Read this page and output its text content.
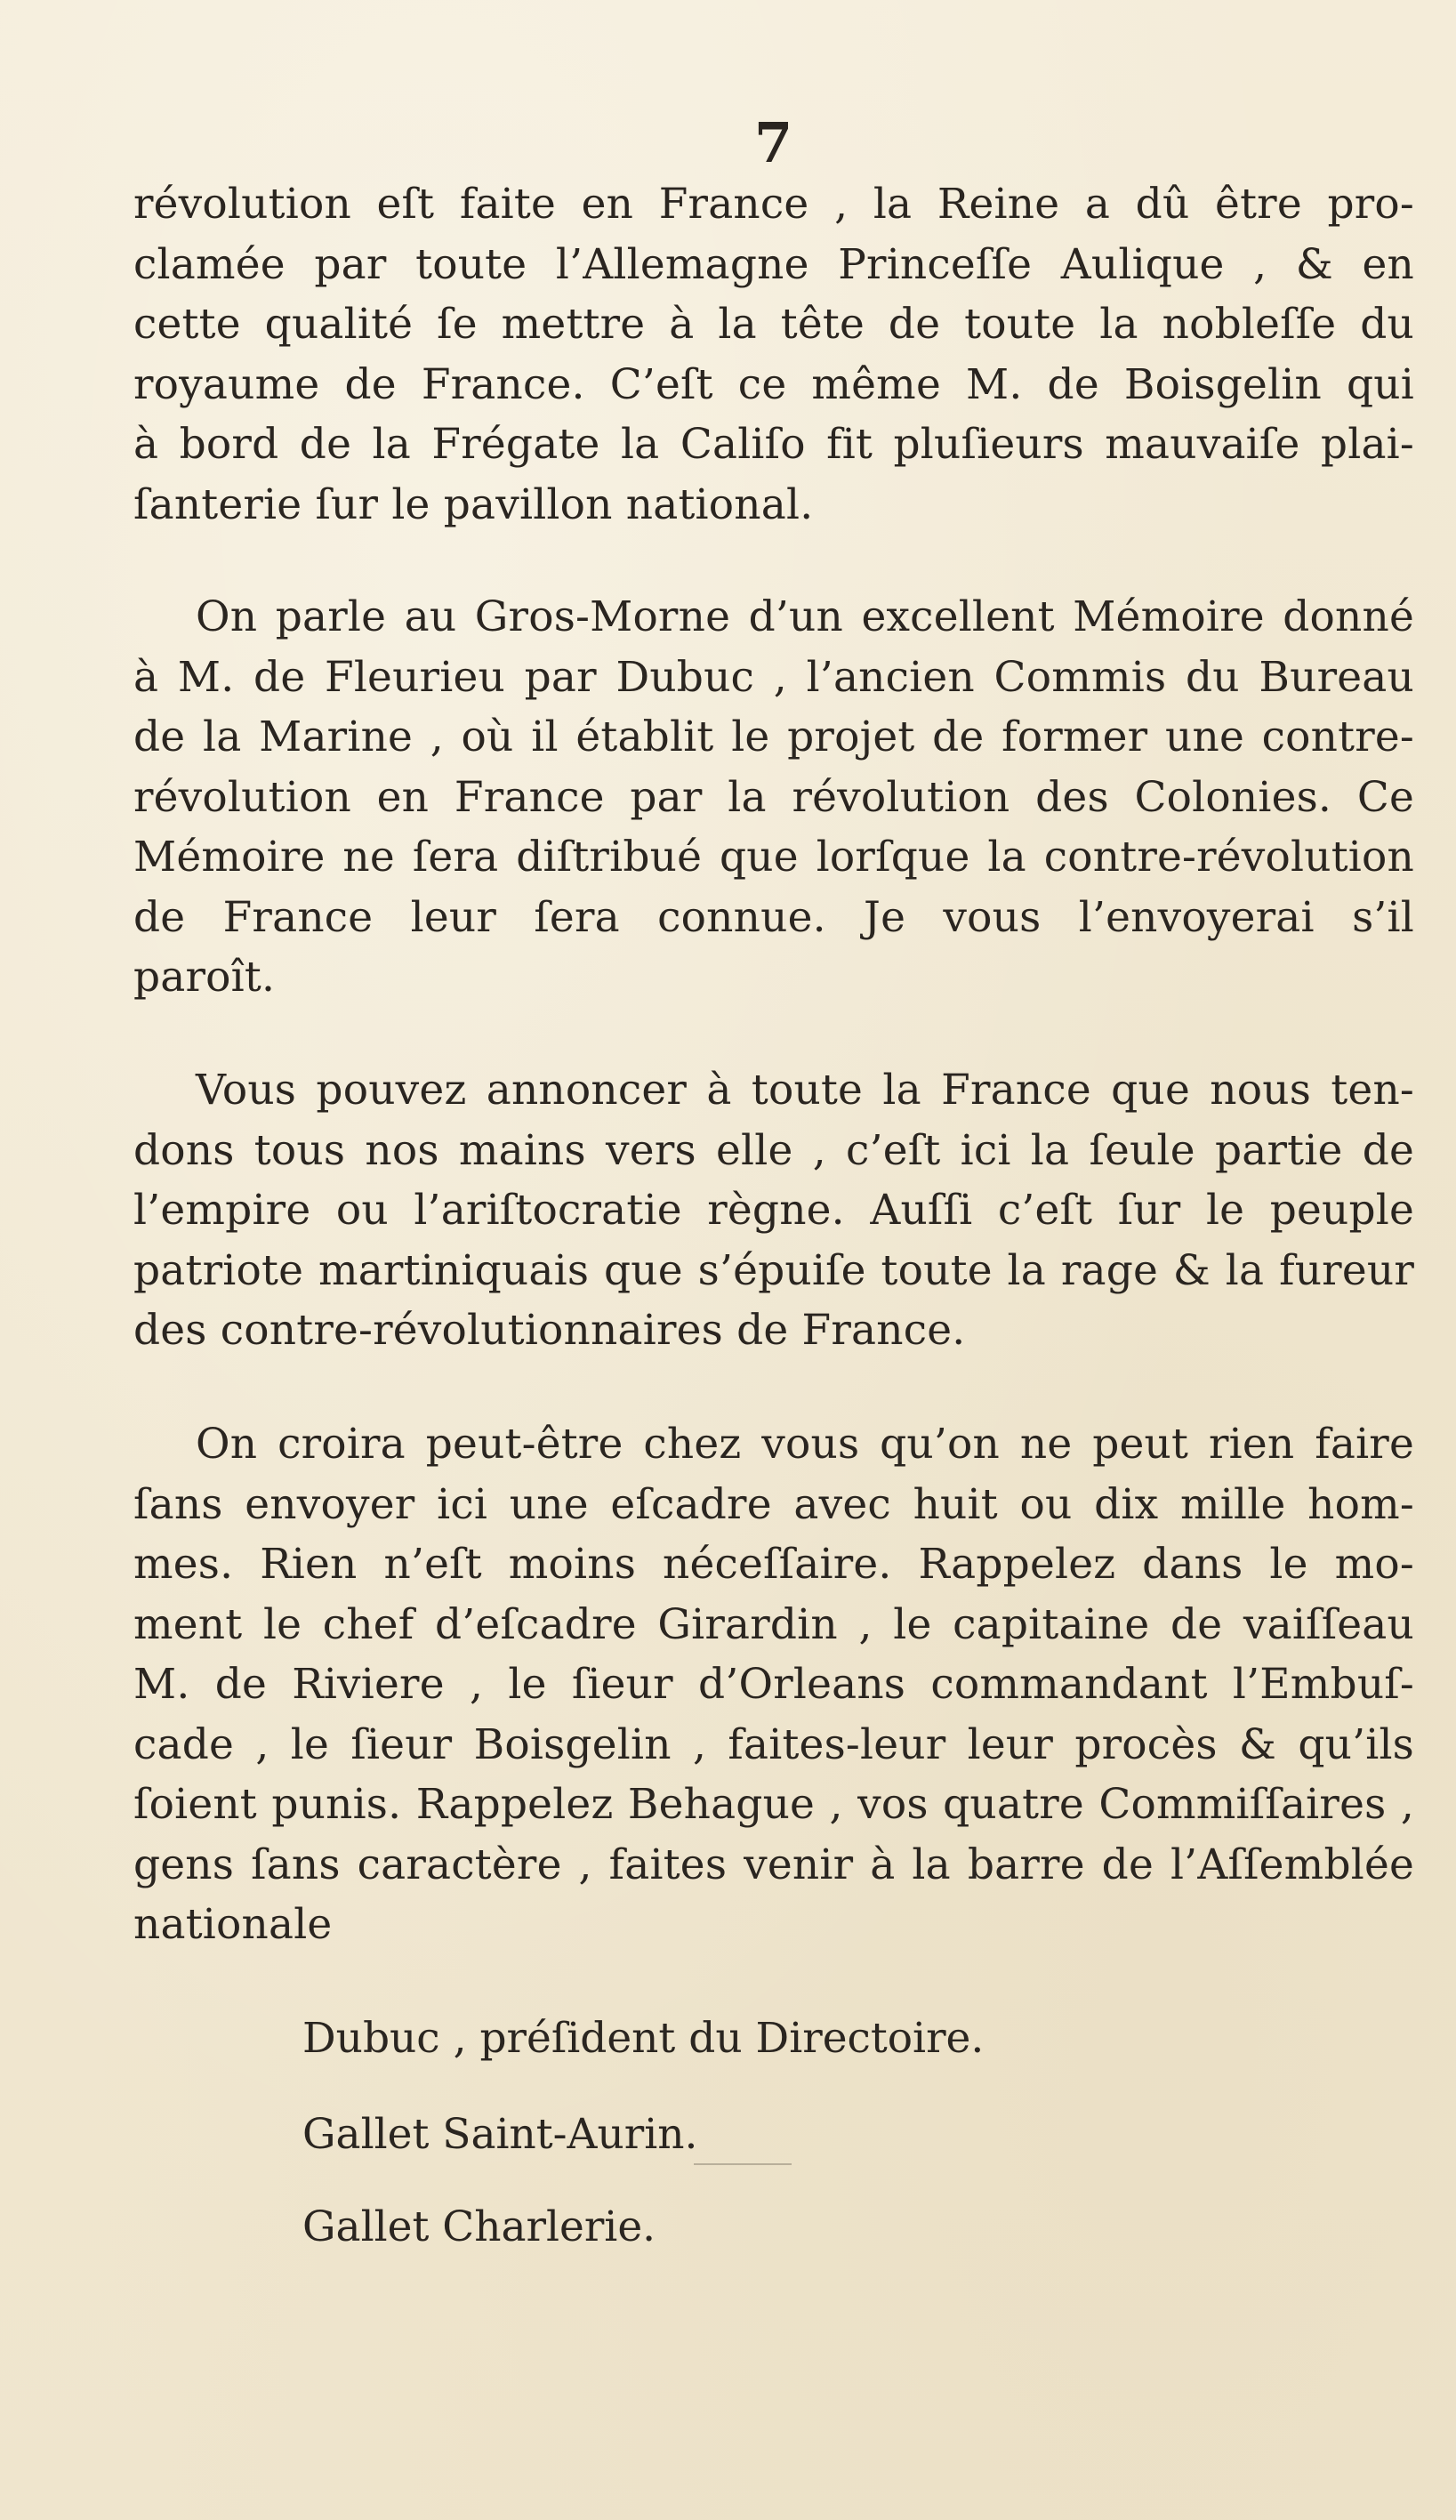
7
révolution eſt faite en France , la Reine a dû être pro-
clamée par toute l’Allemagne Princeſſe Aulique , & en
cette qualité ſe mettre à la tête de toute la nobleſſe du
royaume de France. C’eſt ce même M. de Boisgelin qui
à bord de la Frégate la Caliſo fit pluſieurs mauvaiſe plai-
ſanterie ſur le pavillon national.
On parle au Gros-Morne d’un excellent Mémoire donné
à M. de Fleurieu par Dubuc , l’ancien Commis du Bureau
de la Marine , où il établit le projet de former une contre-
révolution en France par la révolution des Colonies. Ce
Mémoire ne ſera diſtribué que lorſque la contre-révolution
de France leur ſera connue. Je vous l’envoyerai s’il
paroît.
Vous pouvez annoncer à toute la France que nous ten-
dons tous nos mains vers elle , c’eſt ici la ſeule partie de
l’empire ou l’ariſtocratie règne. Auſſi c’eſt ſur le peuple
patriote martiniquais que s’épuiſe toute la rage & la fureur
des contre-révolutionnaires de France.
On croira peut-être chez vous qu’on ne peut rien faire
ſans envoyer ici une eſcadre avec huit ou dix mille hom-
mes. Rien n’eſt moins néceſſaire. Rappelez dans le mo-
ment le chef d’eſcadre Girardin , le capitaine de vaiſſeau
M. de Riviere , le ſieur d’Orleans commandant l’Embuſ-
cade , le ſieur Boisgelin , faites-leur leur procès & qu’ils
ſoient punis. Rappelez Behague , vos quatre Commiſſaires ,
gens ſans caractère , faites venir à la barre de l’Aſſemblée
nationale
Dubuc , préſident du Directoire.
Gallet Saint-Aurin.
Gallet Charlerie.
